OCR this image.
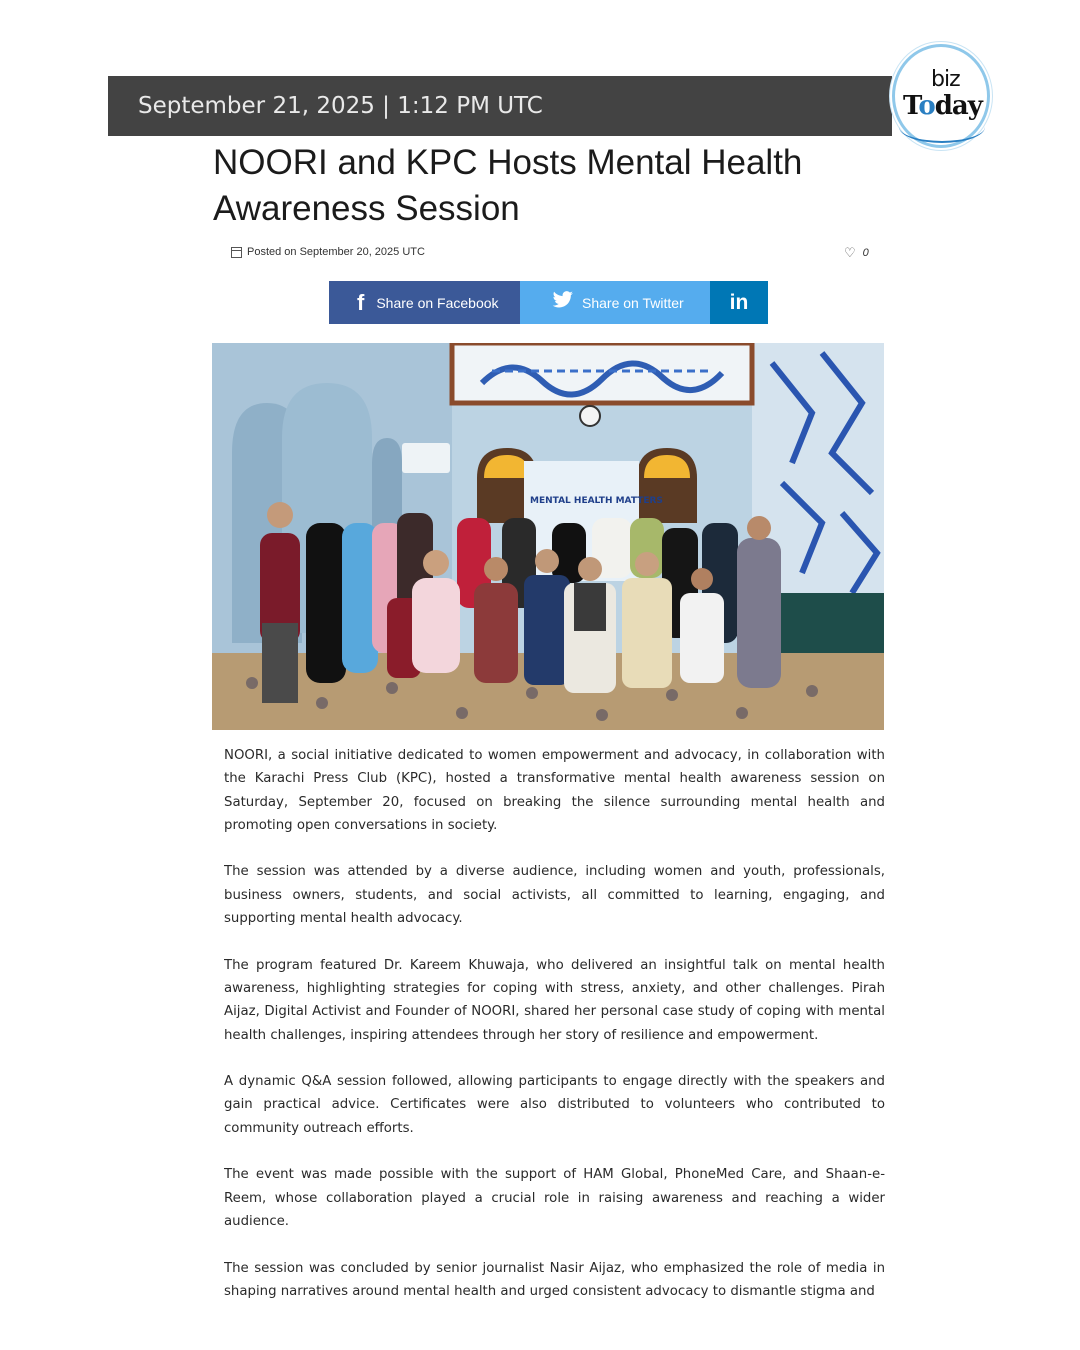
September 21, 2025 | 1:12 PM UTC
biz
Today
NOORI and KPC Hosts Mental Health Awareness Session
Posted on September 20, 2025 UTC	♡ 0
f Share on Facebook	Share on Twitter in
MENTAL HEALTH MATTERS

NOORI, a social initiative dedicated to women empowerment and advocacy, in collaboration with the Karachi Press Club (KPC), hosted a transformative mental health awareness session on Saturday, September 20, focused on breaking the silence surrounding mental health and promoting open conversations in society.

The session was attended by a diverse audience, including women and youth, professionals, business owners, students, and social activists, all committed to learning, engaging, and supporting mental health advocacy.

The program featured Dr. Kareem Khuwaja, who delivered an insightful talk on mental health awareness, highlighting strategies for coping with stress, anxiety, and other challenges. Pirah Aijaz, Digital Activist and Founder of NOORI, shared her personal case study of coping with mental health challenges, inspiring attendees through her story of resilience and empowerment.

A dynamic Q&A session followed, allowing participants to engage directly with the speakers and gain practical advice. Certificates were also distributed to volunteers who contributed to community outreach efforts.

The event was made possible with the support of HAM Global, PhoneMed Care, and Shaan-e-Reem, whose collaboration played a crucial role in raising awareness and reaching a wider audience.

The session was concluded by senior journalist Nasir Aijaz, who emphasized the role of media in shaping narratives around mental health and urged consistent advocacy to dismantle stigma and
